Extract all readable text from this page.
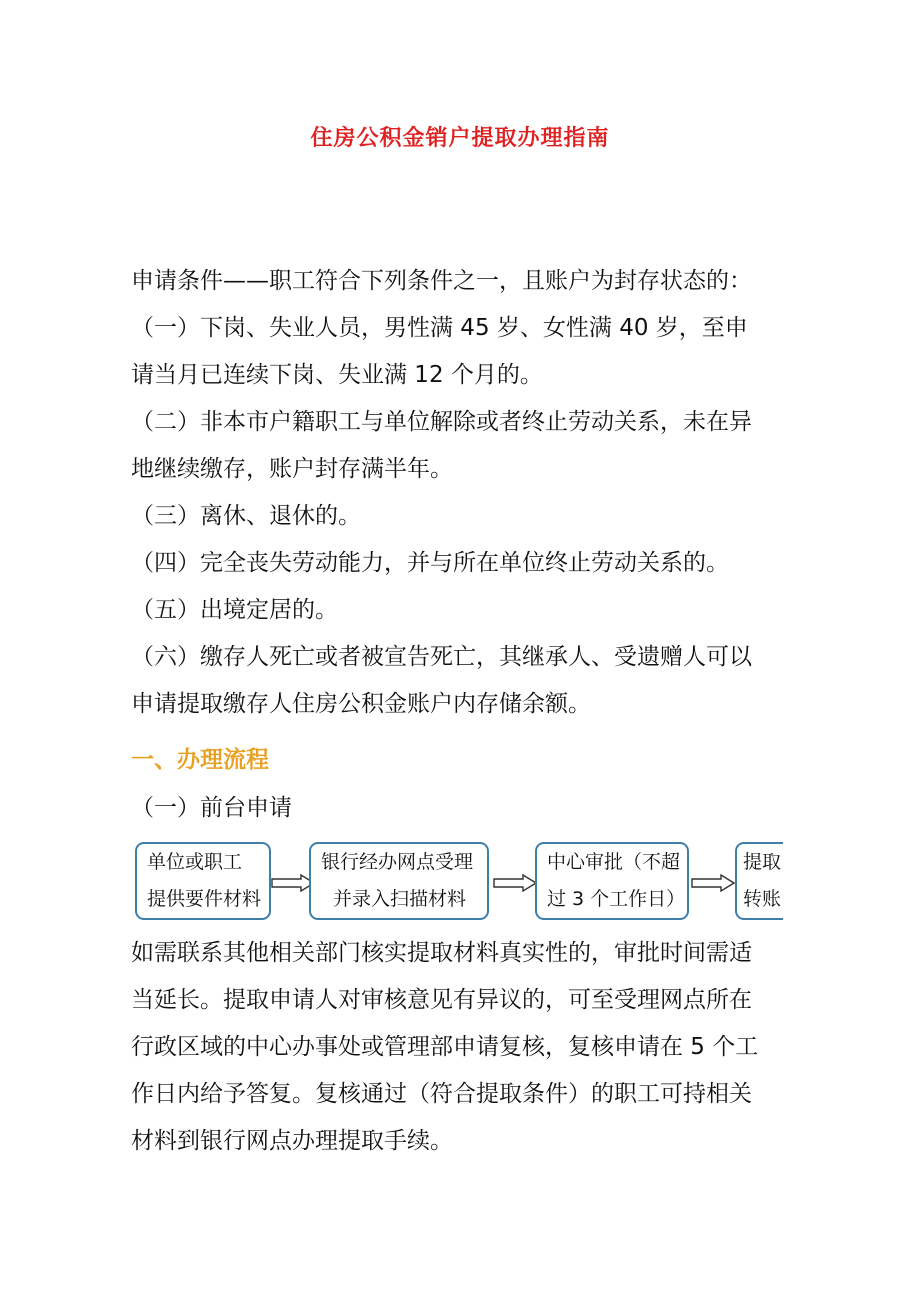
住房公积金销户提取办理指南
申请条件——职工符合下列条件之一，且账户为封存状态的：
（一）下岗、失业人员，男性满 45 岁、女性满 40 岁，至申
请当月已连续下岗、失业满 12 个月的。
（二）非本市户籍职工与单位解除或者终止劳动关系，未在异
地继续缴存，账户封存满半年。
（三）离休、退休的。
（四）完全丧失劳动能力，并与所在单位终止劳动关系的。
（五）出境定居的。
（六）缴存人死亡或者被宣告死亡，其继承人、受遗赠人可以
申请提取缴存人住房公积金账户内存储余额。
一、办理流程
（一）前台申请
单位或职工
提供要件材料
银行经办网点受理
并录入扫描材料
中心审批（不超
过 3 个工作日）
提取
转账
如需联系其他相关部门核实提取材料真实性的，审批时间需适
当延长。提取申请人对审核意见有异议的，可至受理网点所在
行政区域的中心办事处或管理部申请复核，复核申请在 5 个工
作日内给予答复。复核通过（符合提取条件）的职工可持相关
材料到银行网点办理提取手续。
